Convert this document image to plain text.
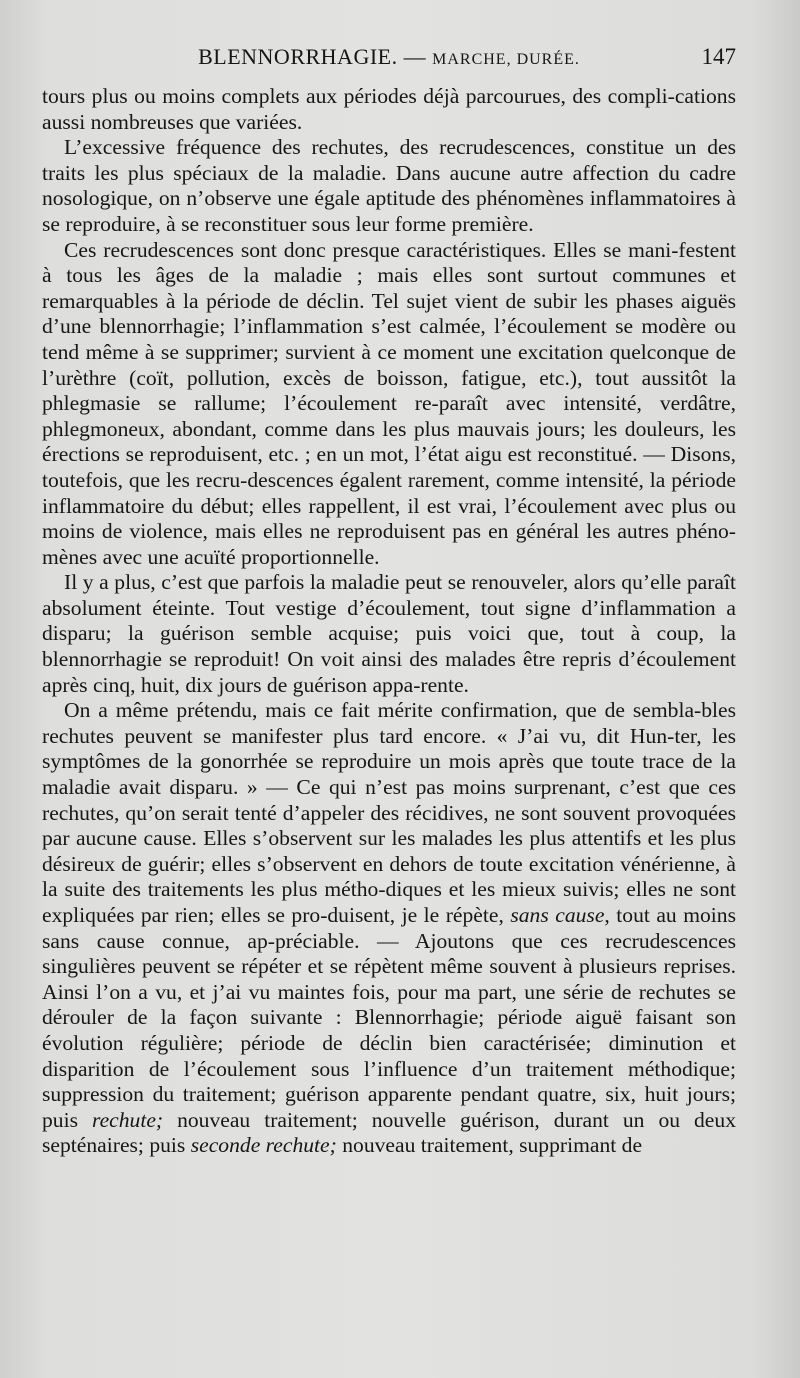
BLENNORRHAGIE. — MARCHE, DURÉE.	147

tours plus ou moins complets aux périodes déjà parcourues, des compli-cations aussi nombreuses que variées.

L’excessive fréquence des rechutes, des recrudescences, constitue un des traits les plus spéciaux de la maladie. Dans aucune autre affection du cadre nosologique, on n’observe une égale aptitude des phénomènes inflammatoires à se reproduire, à se reconstituer sous leur forme première.

Ces recrudescences sont donc presque caractéristiques. Elles se mani-festent à tous les âges de la maladie ; mais elles sont surtout communes et remarquables à la période de déclin. Tel sujet vient de subir les phases aiguës d’une blennorrhagie; l’inflammation s’est calmée, l’écoulement se modère ou tend même à se supprimer; survient à ce moment une excitation quelconque de l’urèthre (coït, pollution, excès de boisson, fatigue, etc.), tout aussitôt la phlegmasie se rallume; l’écoulement re-paraît avec intensité, verdâtre, phlegmoneux, abondant, comme dans les plus mauvais jours; les douleurs, les érections se reproduisent, etc. ; en un mot, l’état aigu est reconstitué. — Disons, toutefois, que les recru-descences égalent rarement, comme intensité, la période inflammatoire du début; elles rappellent, il est vrai, l’écoulement avec plus ou moins de violence, mais elles ne reproduisent pas en général les autres phéno-mènes avec une acuïté proportionnelle.

Il y a plus, c’est que parfois la maladie peut se renouveler, alors qu’elle paraît absolument éteinte. Tout vestige d’écoulement, tout signe d’inflammation a disparu; la guérison semble acquise; puis voici que, tout à coup, la blennorrhagie se reproduit! On voit ainsi des malades être repris d’écoulement après cinq, huit, dix jours de guérison appa-rente.

On a même prétendu, mais ce fait mérite confirmation, que de sembla-bles rechutes peuvent se manifester plus tard encore. « J’ai vu, dit Hun-ter, les symptômes de la gonorrhée se reproduire un mois après que toute trace de la maladie avait disparu. » — Ce qui n’est pas moins surprenant, c’est que ces rechutes, qu’on serait tenté d’appeler des récidives, ne sont souvent provoquées par aucune cause. Elles s’observent sur les malades les plus attentifs et les plus désireux de guérir; elles s’observent en dehors de toute excitation vénérienne, à la suite des traitements les plus métho-diques et les mieux suivis; elles ne sont expliquées par rien; elles se pro-duisent, je le répète, sans cause, tout au moins sans cause connue, ap-préciable. — Ajoutons que ces recrudescences singulières peuvent se répéter et se répètent même souvent à plusieurs reprises. Ainsi l’on a vu, et j’ai vu maintes fois, pour ma part, une série de rechutes se dérouler de la façon suivante : Blennorrhagie; période aiguë faisant son évolution régulière; période de déclin bien caractérisée; diminution et disparition de l’écoulement sous l’influence d’un traitement méthodique; suppression du traitement; guérison apparente pendant quatre, six, huit jours; puis rechute; nouveau traitement; nouvelle guérison, durant un ou deux septénaires; puis seconde rechute; nouveau traitement, supprimant de
